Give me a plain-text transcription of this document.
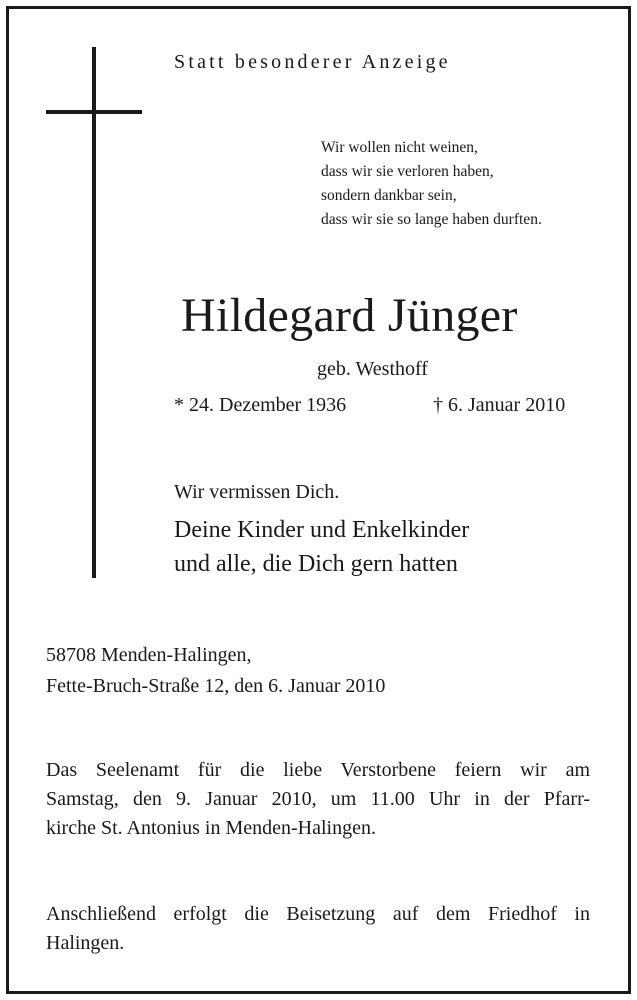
Statt besonderer Anzeige
Wir wollen nicht weinen,
dass wir sie verloren haben,
sondern dankbar sein,
dass wir sie so lange haben durften.
Hildegard Jünger
geb. Westhoff
* 24. Dezember 1936	† 6. Januar 2010
Wir vermissen Dich.
Deine Kinder und Enkelkinder
und alle, die Dich gern hatten
58708 Menden-Halingen,
Fette-Bruch-Straße 12, den 6. Januar 2010
Das Seelenamt für die liebe Verstorbene feiern wir am
Samstag, den 9. Januar 2010, um 11.00 Uhr in der Pfarr-
kirche St. Antonius in Menden-Halingen.
Anschließend erfolgt die Beisetzung auf dem Friedhof in
Halingen.
